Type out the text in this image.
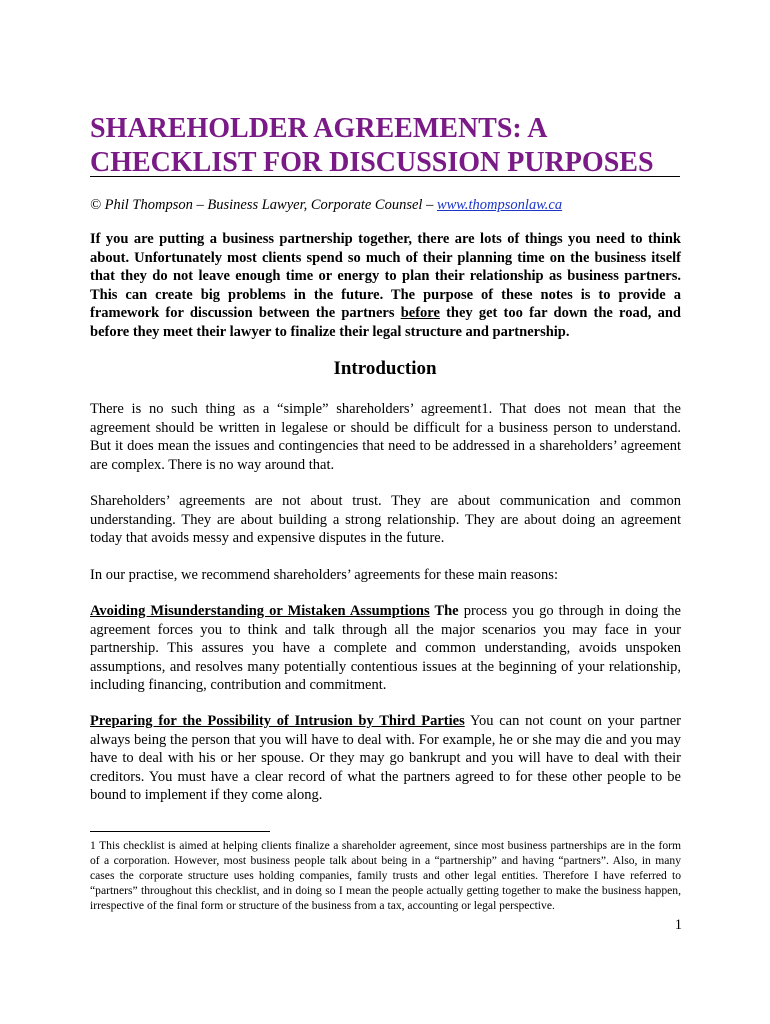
SHAREHOLDER AGREEMENTS: A CHECKLIST FOR DISCUSSION PURPOSES
© Phil Thompson – Business Lawyer, Corporate Counsel – www.thompsonlaw.ca

If you are putting a business partnership together, there are lots of things you need to think about. Unfortunately most clients spend so much of their planning time on the business itself that they do not leave enough time or energy to plan their relationship as business partners. This can create big problems in the future. The purpose of these notes is to provide a framework for discussion between the partners before they get too far down the road, and before they meet their lawyer to finalize their legal structure and partnership.

Introduction

There is no such thing as a “simple” shareholders’ agreement1. That does not mean that the agreement should be written in legalese or should be difficult for a business person to understand. But it does mean the issues and contingencies that need to be addressed in a shareholders’ agreement are complex. There is no way around that.

Shareholders’ agreements are not about trust. They are about communication and common understanding. They are about building a strong relationship. They are about doing an agreement today that avoids messy and expensive disputes in the future.

In our practise, we recommend shareholders’ agreements for these main reasons:

Avoiding Misunderstanding or Mistaken Assumptions The process you go through in doing the agreement forces you to think and talk through all the major scenarios you may face in your partnership. This assures you have a complete and common understanding, avoids unspoken assumptions, and resolves many potentially contentious issues at the beginning of your relationship, including financing, contribution and commitment.

Preparing for the Possibility of Intrusion by Third Parties You can not count on your partner always being the person that you will have to deal with. For example, he or she may die and you may have to deal with his or her spouse. Or they may go bankrupt and you will have to deal with their creditors. You must have a clear record of what the partners agreed to for these other people to be bound to implement if they come along.

1 This checklist is aimed at helping clients finalize a shareholder agreement, since most business partnerships are in the form of a corporation. However, most business people talk about being in a “partnership” and having “partners”. Also, in many cases the corporate structure uses holding companies, family trusts and other legal entities. Therefore I have referred to “partners” throughout this checklist, and in doing so I mean the people actually getting together to make the business happen, irrespective of the final form or structure of the business from a tax, accounting or legal perspective.

1
